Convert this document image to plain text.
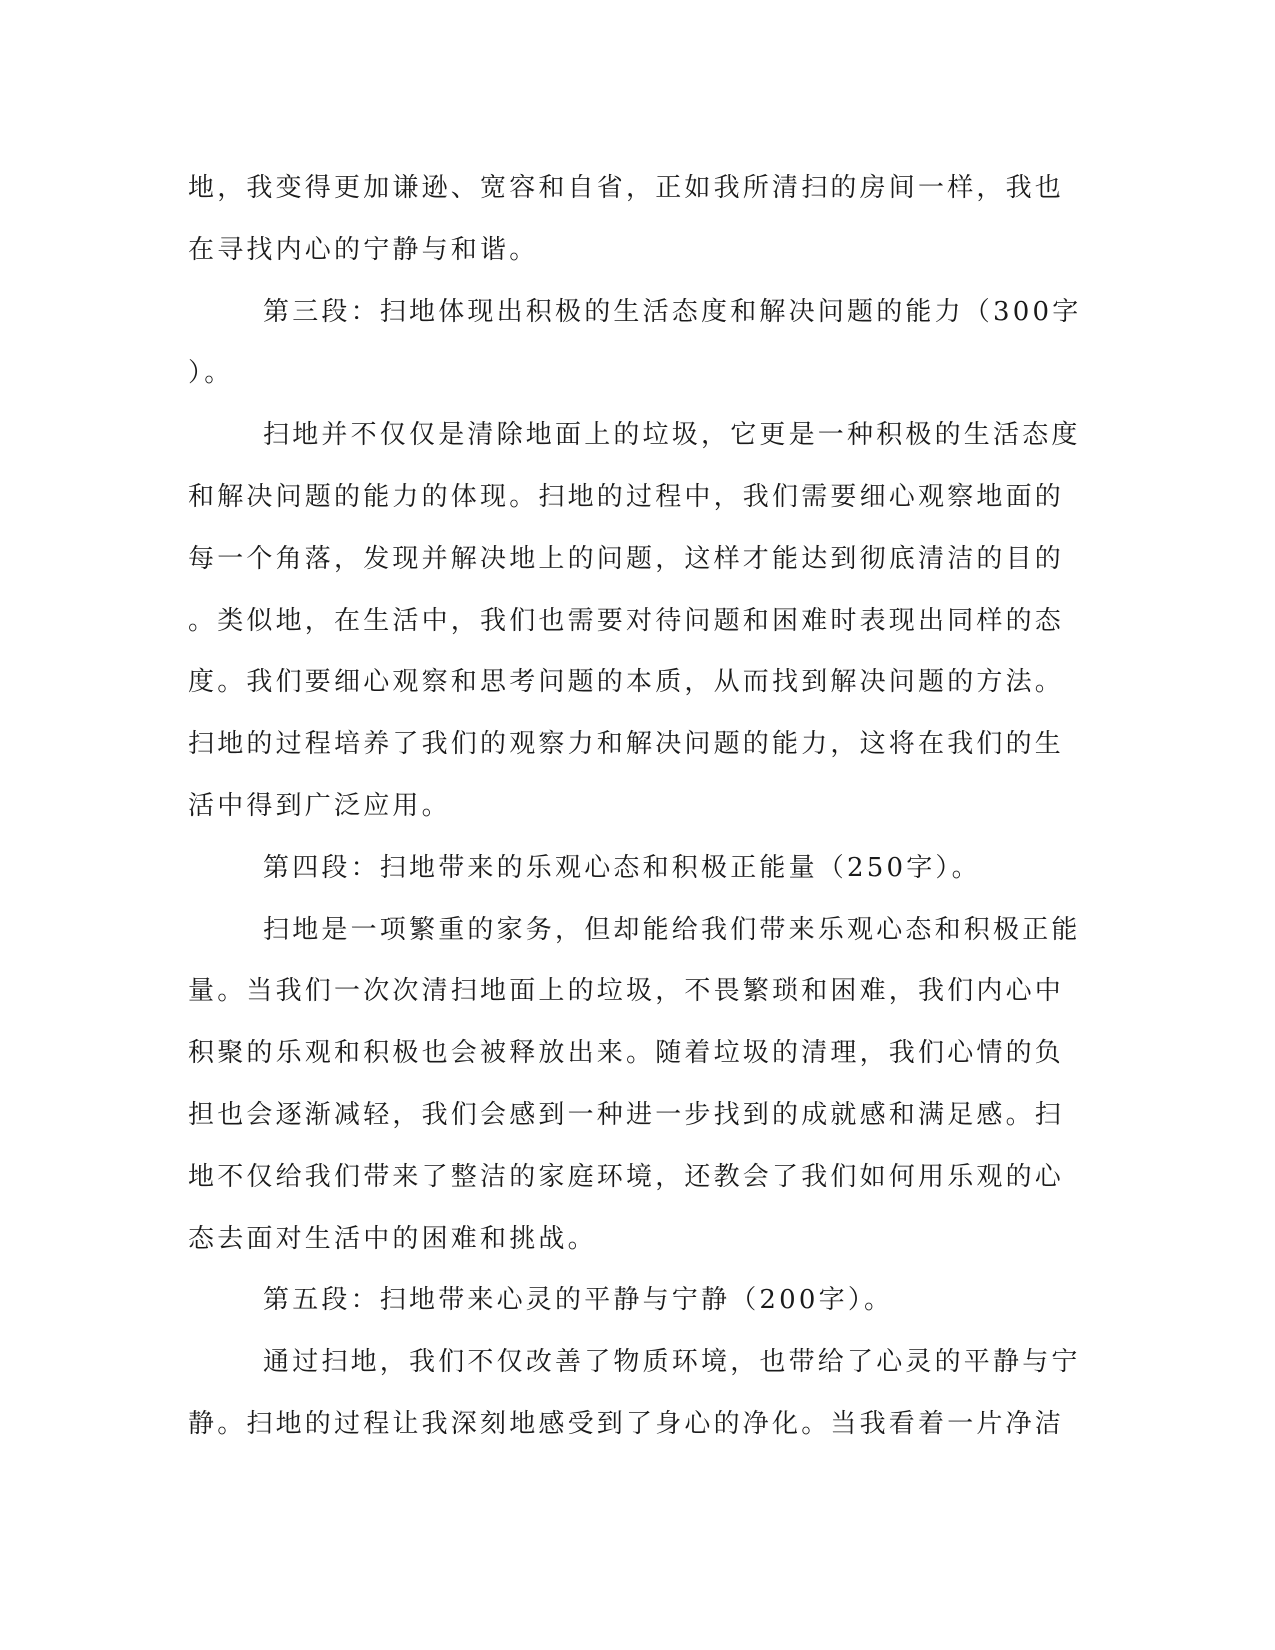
地，我变得更加谦逊、宽容和自省，正如我所清扫的房间一样，我也
在寻找内心的宁静与和谐。
第三段：扫地体现出积极的生活态度和解决问题的能力（300字
）。
扫地并不仅仅是清除地面上的垃圾，它更是一种积极的生活态度
和解决问题的能力的体现。扫地的过程中，我们需要细心观察地面的
每一个角落，发现并解决地上的问题，这样才能达到彻底清洁的目的
。类似地，在生活中，我们也需要对待问题和困难时表现出同样的态
度。我们要细心观察和思考问题的本质，从而找到解决问题的方法。
扫地的过程培养了我们的观察力和解决问题的能力，这将在我们的生
活中得到广泛应用。
第四段：扫地带来的乐观心态和积极正能量（250字）。
扫地是一项繁重的家务，但却能给我们带来乐观心态和积极正能
量。当我们一次次清扫地面上的垃圾，不畏繁琐和困难，我们内心中
积聚的乐观和积极也会被释放出来。随着垃圾的清理，我们心情的负
担也会逐渐减轻，我们会感到一种进一步找到的成就感和满足感。扫
地不仅给我们带来了整洁的家庭环境，还教会了我们如何用乐观的心
态去面对生活中的困难和挑战。
第五段：扫地带来心灵的平静与宁静（200字）。
通过扫地，我们不仅改善了物质环境，也带给了心灵的平静与宁
静。扫地的过程让我深刻地感受到了身心的净化。当我看着一片净洁
